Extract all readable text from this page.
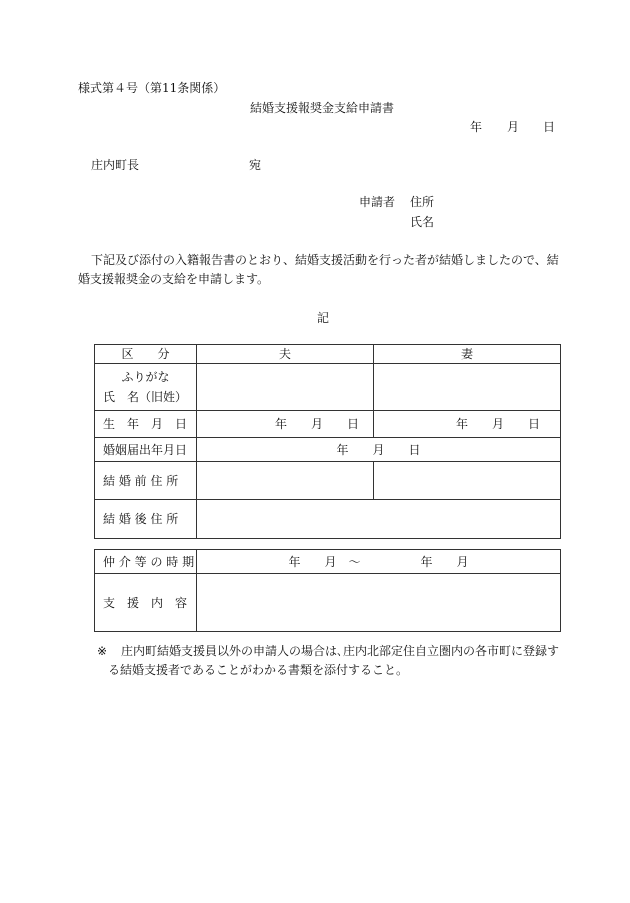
様式第４号（第11条関係）
結婚支援報奨金支給申請書
年 月 日
庄内町長	宛
申請者 住所
氏名
下記及び添付の入籍報告書のとおり、結婚支援活動を行った者が結婚しましたので、結
婚支援報奨金の支給を申請します。
記
区　　分	夫	妻

ふりがな
氏　名（旧姓）		

生　年　月　日	年　　月　　日	年　　月　　日
婚姻届出年月日	年　　月　　日	
結 婚 前 住 所		
結 婚 後 住 所		
仲 介 等 の 時 期	年　　月　～　　　　　年　　月
支　援　内　容	
※ 庄内町結婚支援員以外の申請人の場合は､庄内北部定住自立圏内の各市町に登録す
る結婚支援者であることがわかる書類を添付すること。
